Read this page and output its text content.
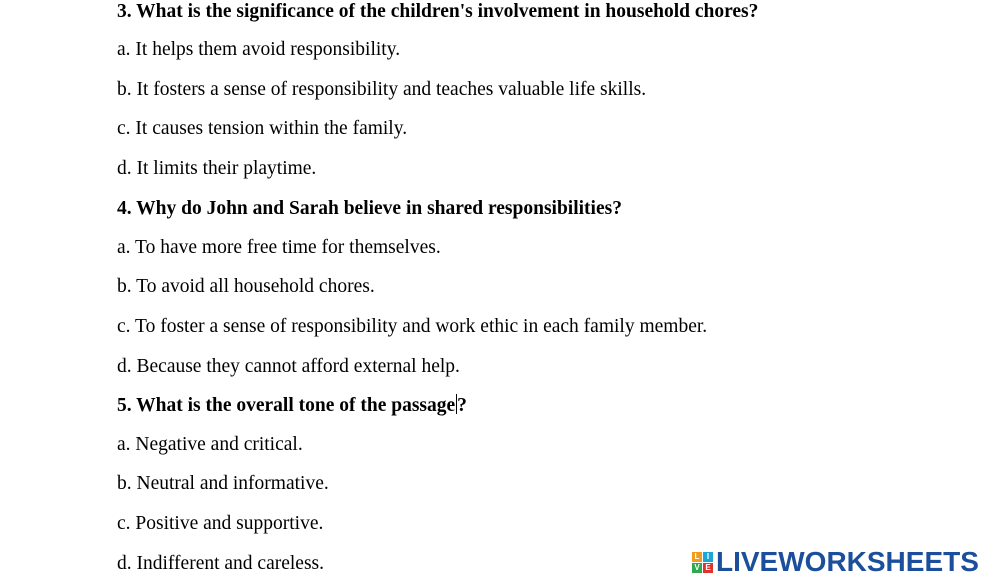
3. What is the significance of the children's involvement in household chores?
a. It helps them avoid responsibility.
b. It fosters a sense of responsibility and teaches valuable life skills.
c. It causes tension within the family.
d. It limits their playtime.
4. Why do John and Sarah believe in shared responsibilities?
a. To have more free time for themselves.
b. To avoid all household chores.
c. To foster a sense of responsibility and work ethic in each family member.
d. Because they cannot afford external help.
5. What is the overall tone of the passage ?
a. Negative and critical.
b. Neutral and informative.
c. Positive and supportive.
d. Indifferent and careless.	L I
V E LIVEWORKSHEETS
